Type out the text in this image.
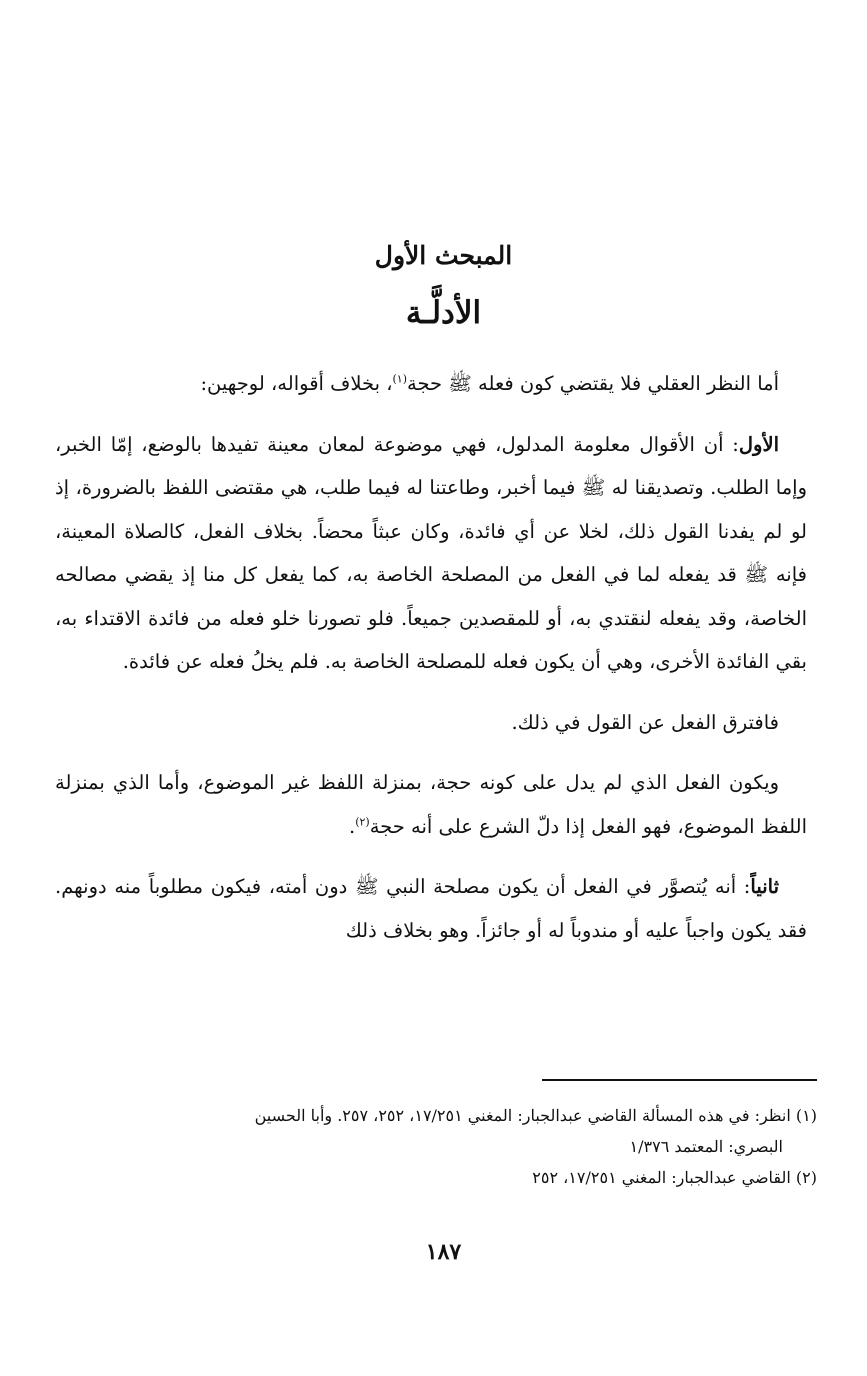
المبحث الأول
الأدلَّـة

أما النظر العقلي فلا يقتضي كون فعله ﷺ حجة$^{(١)}$، بخلاف أقواله، لوجهين:

الأول: أن الأقوال معلومة المدلول، فهي موضوعة لمعان معينة تفيدها بالوضع، إمّا الخبر، وإما الطلب. وتصديقنا له ﷺ فيما أخبر، وطاعتنا له فيما طلب، هي مقتضى اللفظ بالضرورة، إذ لو لم يفدنا القول ذلك، لخلا عن أي فائدة، وكان عبثاً محضاً. بخلاف الفعل، كالصلاة المعينة، فإنه ﷺ قد يفعله لما في الفعل من المصلحة الخاصة به، كما يفعل كل منا إذ يقضي مصالحه الخاصة، وقد يفعله لنقتدي به، أو للمقصدين جميعاً. فلو تصورنا خلو فعله من فائدة الاقتداء به، بقي الفائدة الأخرى، وهي أن يكون فعله للمصلحة الخاصة به. فلم يخلُ فعله عن فائدة.

فافترق الفعل عن القول في ذلك.

ويكون الفعل الذي لم يدل على كونه حجة، بمنزلة اللفظ غير الموضوع، وأما الذي بمنزلة اللفظ الموضوع، فهو الفعل إذا دلّ الشرع على أنه حجة$^{(٢)}$.

ثانياً: أنه يُتصوَّر في الفعل أن يكون مصلحة النبي ﷺ دون أمته، فيكون مطلوباً منه دونهم. فقد يكون واجباً عليه أو مندوباً له أو جائزاً. وهو بخلاف ذلك

(١) انظر: في هذه المسألة القاضي عبدالجبار: المغني ١٧/٢٥١، ٢٥٢، ٢٥٧. وأبا الحسين

البصري: المعتمد ١/٣٧٦

(٢) القاضي عبدالجبار: المغني ١٧/٢٥١، ٢٥٢

١٨٧
